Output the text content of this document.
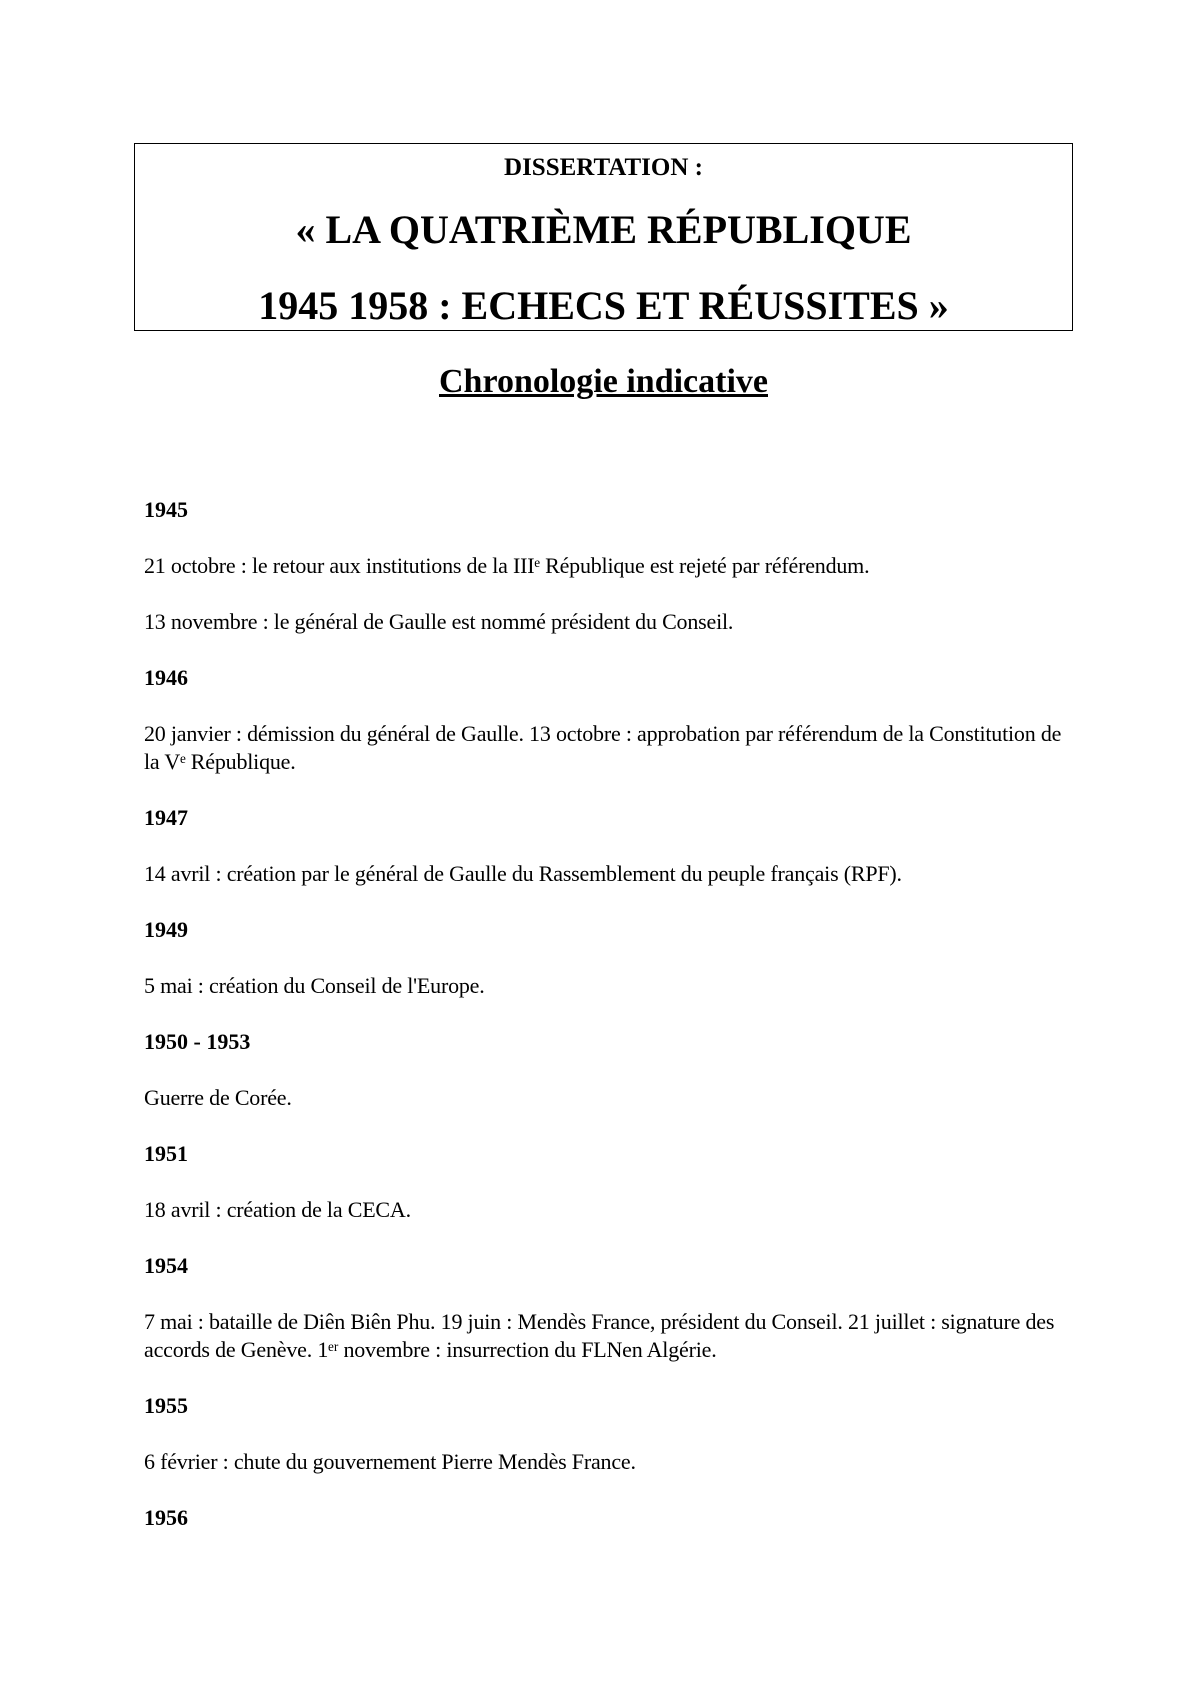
DISSERTATION :
« LA QUATRIÈME RÉPUBLIQUE
1945 1958 : ECHECS ET RÉUSSITES »
Chronologie indicative

1945

21 octobre : le retour aux institutions de la IIIᵉ République est rejeté par référendum.

13 novembre : le général de Gaulle est nommé président du Conseil.

1946

20 janvier : démission du général de Gaulle. 13 octobre : approbation par référendum de la Constitution de la Vᵉ République.

1947

14 avril : création par le général de Gaulle du Rassemblement du peuple français (RPF).

1949

5 mai : création du Conseil de l'Europe.

1950 - 1953

Guerre de Corée.

1951

18 avril : création de la CECA.

1954

7 mai : bataille de Diên Biên Phu. 19 juin : Mendès France, président du Conseil. 21 juillet : signature des accords de Genève. 1ᵉʳ novembre : insurrection du FLNen Algérie.

1955

6 février : chute du gouvernement Pierre Mendès France.

1956
